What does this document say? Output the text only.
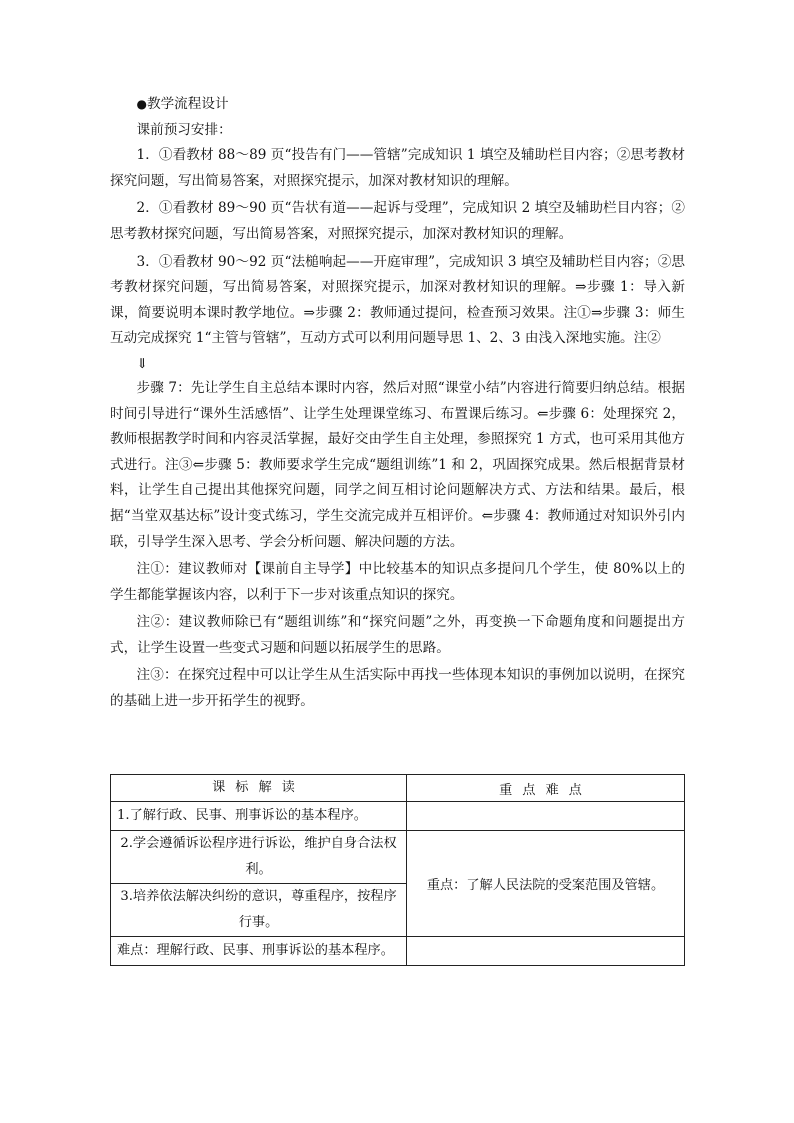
●教学流程设计

课前预习安排：

1．①看教材 88～89 页“投告有门——管辖”完成知识 1 填空及辅助栏目内容；②思考教材探究问题，写出简易答案，对照探究提示，加深对教材知识的理解。

2．①看教材 89～90 页“告状有道——起诉与受理”，完成知识 2 填空及辅助栏目内容；②思考教材探究问题，写出简易答案，对照探究提示，加深对教材知识的理解。

3．①看教材 90～92 页“法槌响起——开庭审理”，完成知识 3 填空及辅助栏目内容；②思考教材探究问题，写出简易答案，对照探究提示，加深对教材知识的理解。⇒步骤 1：导入新课，简要说明本课时教学地位。⇒步骤 2：教师通过提问，检查预习效果。注①⇒步骤 3：师生互动完成探究 1“主管与管辖”，互动方式可以利用问题导思 1、2、3 由浅入深地实施。注②

⇓

步骤 7：先让学生自主总结本课时内容，然后对照“课堂小结”内容进行简要归纳总结。根据时间引导进行“课外生活感悟”、让学生处理课堂练习、布置课后练习。⇐步骤 6：处理探究 2，教师根据教学时间和内容灵活掌握，最好交由学生自主处理，参照探究 1 方式，也可采用其他方式进行。注③⇐步骤 5：教师要求学生完成“题组训练”1 和 2，巩固探究成果。然后根据背景材料，让学生自己提出其他探究问题，同学之间互相讨论问题解决方式、方法和结果。最后，根据“当堂双基达标”设计变式练习，学生交流完成并互相评价。⇐步骤 4：教师通过对知识外引内联，引导学生深入思考、学会分析问题、解决问题的方法。

注①：建议教师对【课前自主导学】中比较基本的知识点多提问几个学生，使 80%以上的学生都能掌握该内容，以利于下一步对该重点知识的探究。

注②：建议教师除已有“题组训练”和“探究问题”之外，再变换一下命题角度和问题提出方式，让学生设置一些变式习题和问题以拓展学生的思路。

注③：在探究过程中可以让学生从生活实际中再找一些体现本知识的事例加以说明，在探究的基础上进一步开拓学生的视野。

课标解读	重点难点
1.了解行政、民事、刑事诉讼的基本程序。	
2.学会遵循诉讼程序进行诉讼，维护自身合法权利。	重点：了解人民法院的受案范围及管辖。
3.培养依法解决纠纷的意识，尊重程序，按程序行事。	
难点：理解行政、民事、刑事诉讼的基本程序。	
